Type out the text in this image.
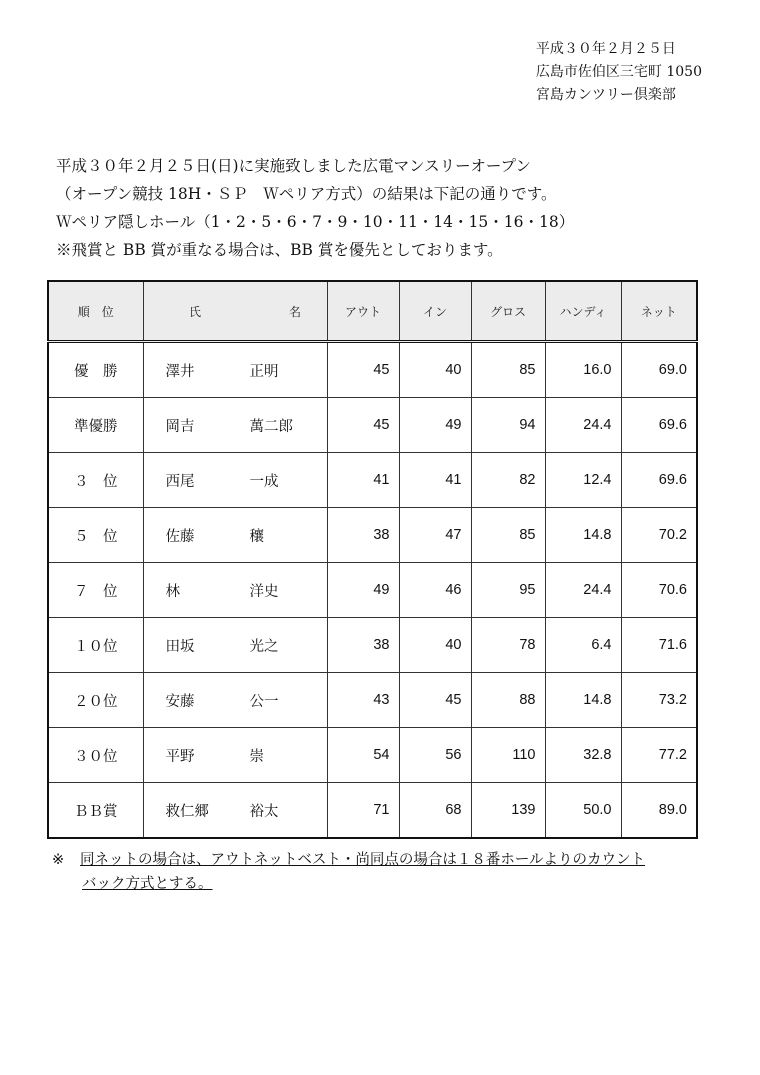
平成３０年２月２５日
広島市佐伯区三宅町 1050
宮島カンツリー倶楽部
平成３０年２月２５日(日)に実施致しました広電マンスリーオープン
（オープン競技 18H・ＳＰ　Ｗペリア方式）の結果は下記の通りです。
Ｗペリア隠しホール（1・2・5・6・7・9・10・11・14・15・16・18）
※飛賞と BB 賞が重なる場合は、BB 賞を優先としております。
順　位	氏 名	アウト	イン	グロス	ハンディ	ネット
優　勝	澤井 正明	45	40	85	16.0	69.0
準優勝	岡吉 萬二郎	45	49	94	24.4	69.6
３　位	西尾 一成	41	41	82	12.4	69.6
５　位	佐藤 穰	38	47	85	14.8	70.2
７　位	林 洋史	49	46	95	24.4	70.6
１０位	田坂 光之	38	40	78	6.4	71.6
２０位	安藤 公一	43	45	88	14.8	73.2
３０位	平野 崇	54	56	110	32.8	77.2
ＢＢ賞	救仁郷 裕太	71	68	139	50.0	89.0
※ 同ネットの場合は、アウトネットベスト・尚同点の場合は１８番ホールよりのカウント
バック方式とする。
